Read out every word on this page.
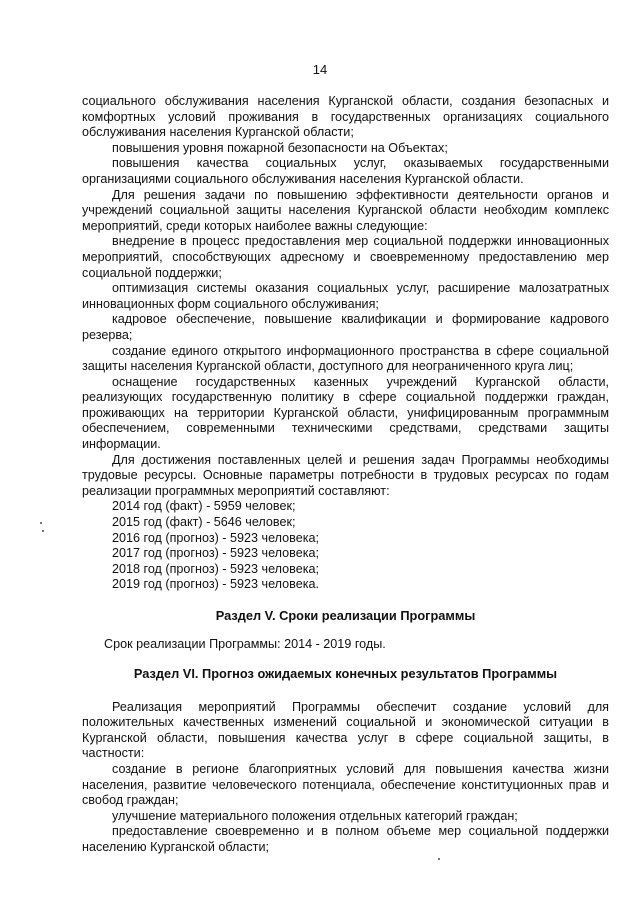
14

социального обслуживания населения Курганской области, создания безопасных и комфортных условий проживания в государственных организациях социального обслуживания населения Курганской области;

повышения уровня пожарной безопасности на Объектах;

повышения качества социальных услуг, оказываемых государственными организациями социального обслуживания населения Курганской области.

Для решения задачи по повышению эффективности деятельности органов и учреждений социальной защиты населения Курганской области необходим комплекс мероприятий, среди которых наиболее важны следующие:

внедрение в процесс предоставления мер социальной поддержки инновационных мероприятий, способствующих адресному и своевременному предоставлению мер социальной поддержки;

оптимизация системы оказания социальных услуг, расширение малозатратных инновационных форм социального обслуживания;

кадровое обеспечение, повышение квалификации и формирование кадрового резерва;

создание единого открытого информационного пространства в сфере социальной защиты населения Курганской области, доступного для неограниченного круга лиц;

оснащение государственных казенных учреждений Курганской области, реализующих государственную политику в сфере социальной поддержки граждан, проживающих на территории Курганской области, унифицированным программным обеспечением, современными техническими средствами, средствами защиты информации.

Для достижения поставленных целей и решения задач Программы необходимы трудовые ресурсы. Основные параметры потребности в трудовых ресурсах по годам реализации программных мероприятий составляют:

2014 год (факт) - 5959 человек;

2015 год (факт) - 5646 человек;

2016 год (прогноз) - 5923 человека;

2017 год (прогноз) - 5923 человека;

2018 год (прогноз) - 5923 человека;

2019 год (прогноз) - 5923 человека.

Раздел V. Сроки реализации Программы

Срок реализации Программы: 2014 - 2019 годы.

Раздел VI. Прогноз ожидаемых конечных результатов Программы

Реализация мероприятий Программы обеспечит создание условий для положительных качественных изменений социальной и экономической ситуации в Курганской области, повышения качества услуг в сфере социальной защиты, в частности:

создание в регионе благоприятных условий для повышения качества жизни населения, развитие человеческого потенциала, обеспечение конституционных прав и свобод граждан;

улучшение материального положения отдельных категорий граждан;

предоставление своевременно и в полном объеме мер социальной поддержки населению Курганской области;
